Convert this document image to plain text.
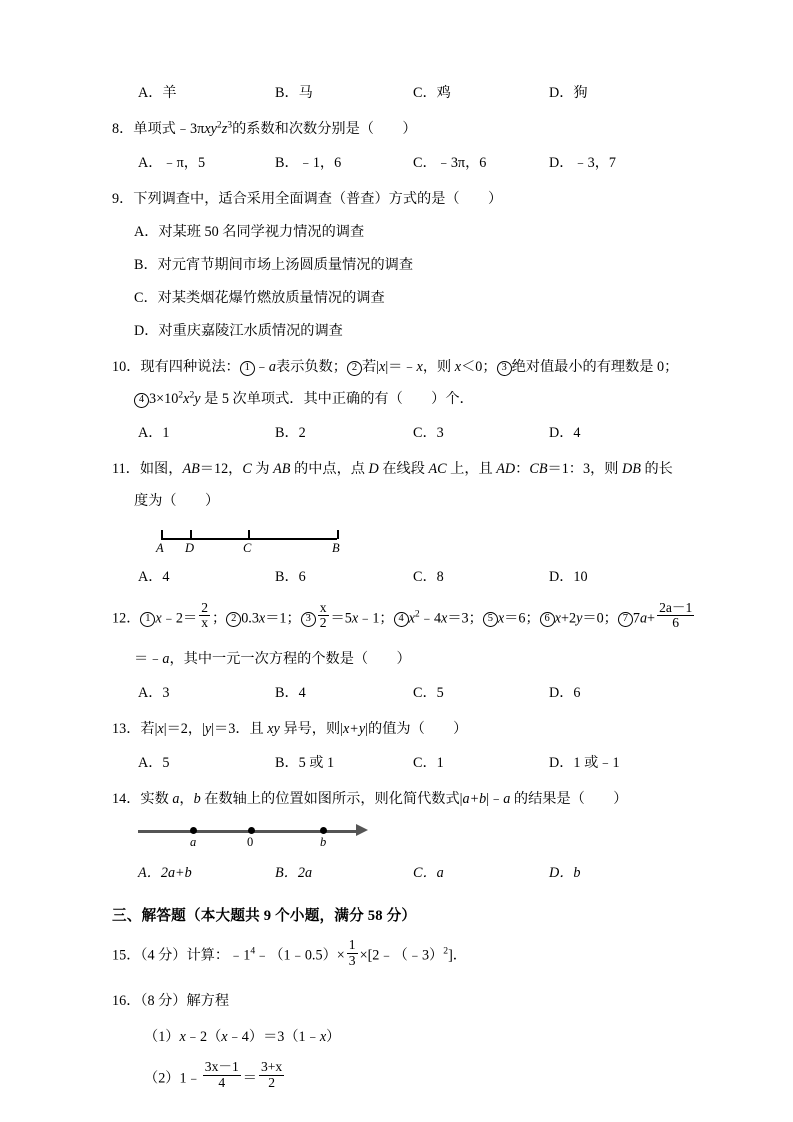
A．羊	B．马	C．鸡	D．狗
8．单项式$﹣3\pi xy^2z^3$的系数和次数分别是（　　）
A．﹣π，5	B．﹣1，6	C．﹣3π，6	D．﹣3，7
9．下列调查中，适合采用全面调查（普查）方式的是（　　）
A．对某班 50 名同学视力情况的调查
B．对元宵节期间市场上汤圆质量情况的调查
C．对某类烟花爆竹燃放质量情况的调查
D．对重庆嘉陵江水质情况的调查
10．现有四种说法： 1 ﹣a表示负数； 2 若|x|＝﹣x，则 x＜0； 3 绝对值最小的有理数是 0；
4 $3\times 10^2x^2y$ 是 5 次单项式．其中正确的有（　　）个．
A．1	B．2	C．3	D．4
11．如图，AB＝12，C 为 AB 的中点，点 D 在线段 AC 上，且 AD：CB＝1：3，则 DB 的长
度为（　　）
A D	C	B
A．4	B．6	C．8	D．10
12． 1 x﹣2＝ $\frac{2}{x}$ ； 2 0.3x＝1； $3 \frac{x}{2}$ ＝5x﹣1； 4 $x^2﹣4x=3$； 5 x＝6； 6 x+2y＝0； 7 $7a+ \frac{2a-1}{6}$
＝﹣a，其中一元一次方程的个数是（　　）
A．3	B．4	C．5	D．6
13．若|x|＝2，|y|＝3．且 xy 异号，则|x+y|的值为（　　）
A．5	B．5 或 1	C．1	D．1 或﹣1
14．实数 a，b 在数轴上的位置如图所示，则化简代数式|a+b|﹣a 的结果是（　　）
a	0	b
A．2a+b	B．2a	C．a	D．b
三、解答题（本大题共 9 个小题，满分 58 分）
15．（4 分）计算：$﹣1^4﹣(1﹣0.5)\times \frac{1}{3}$ ×[2﹣（﹣3）$^2$]．
16．（8 分）解方程
（1）x﹣2（x﹣4）＝3（1﹣x）
（2）1﹣ $\frac{3x-1}{4} = \frac{3+x}{2}$
